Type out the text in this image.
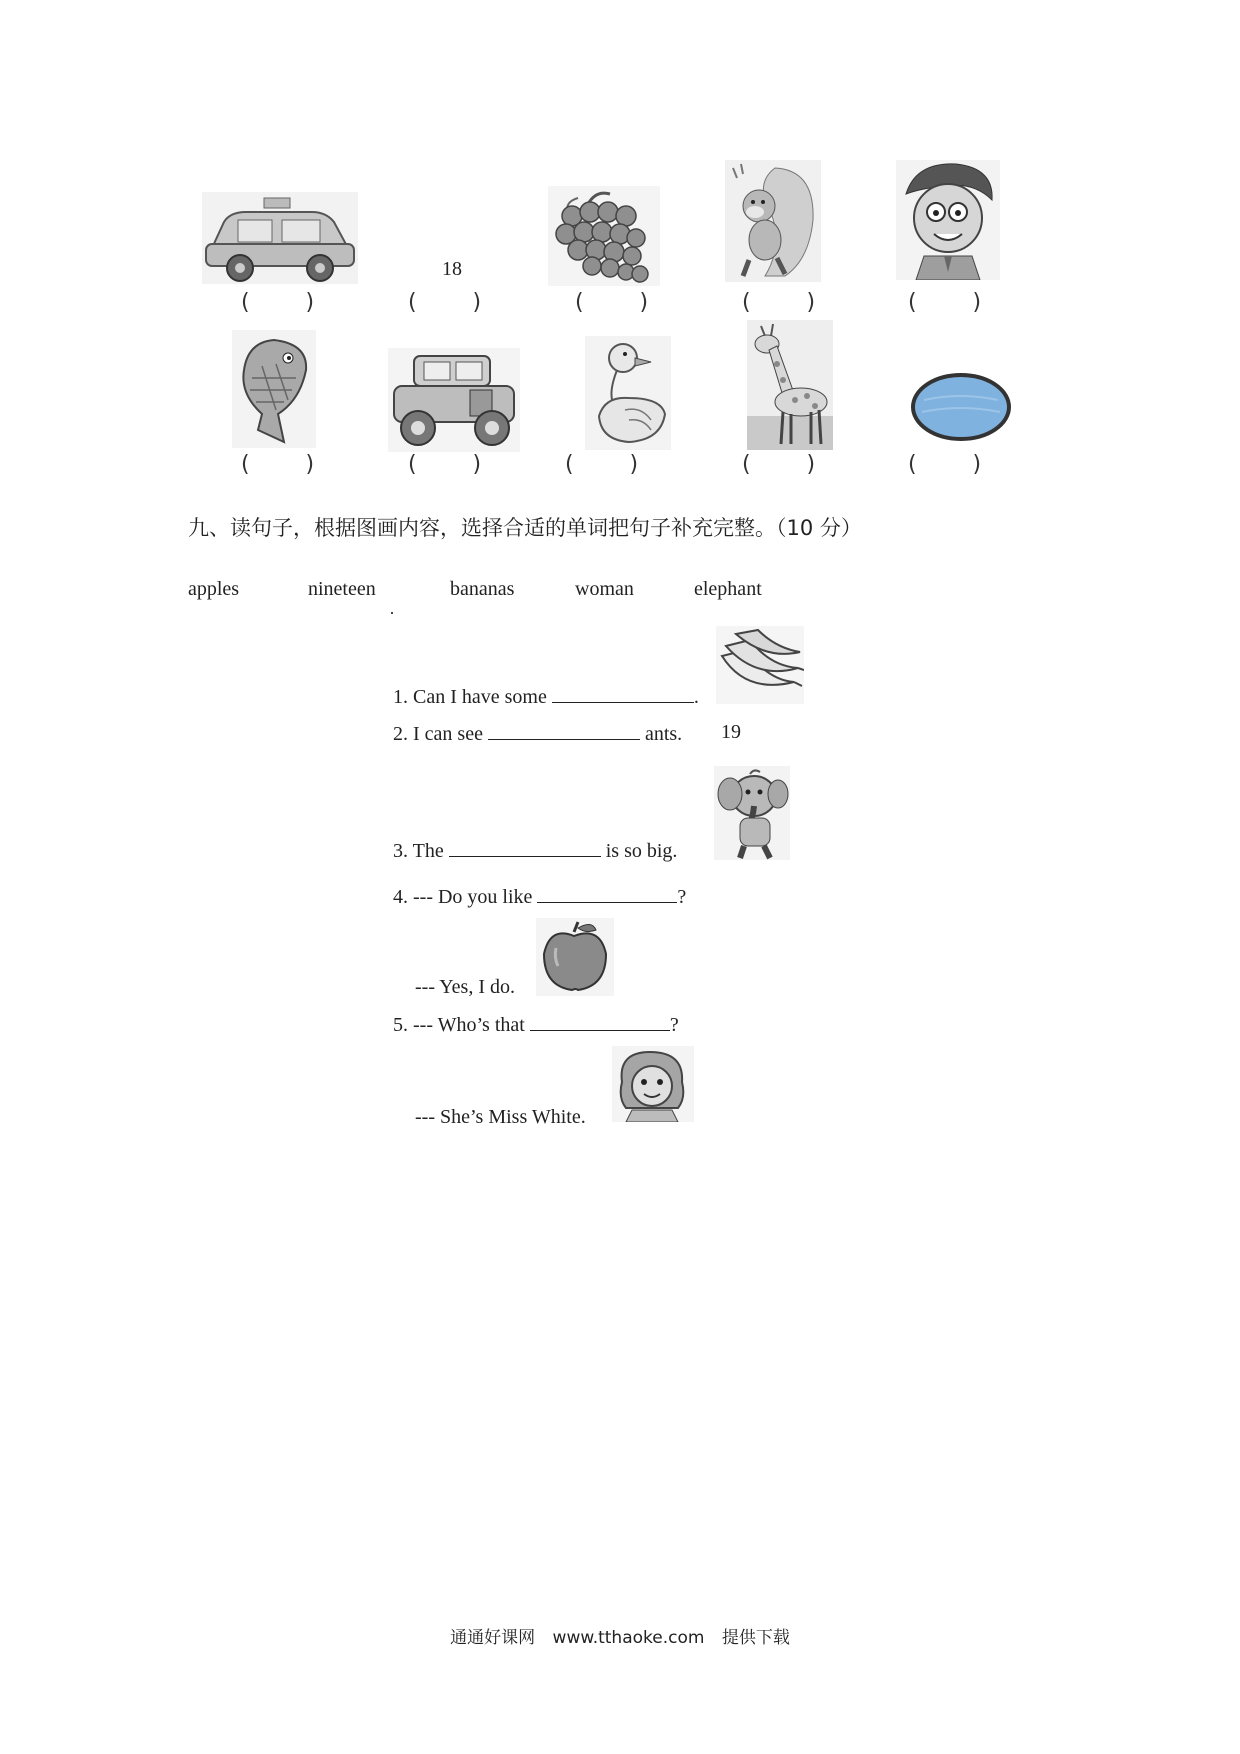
18
(        )	(        )	(        )	(        )	(        )
(        )	(        )	(        )	(        )	(        )
九、读句子，根据图画内容，选择合适的单词把句子补充完整。（10 分）
apples	nineteen	bananas	woman	elephant
1. Can I have some	.
2. I can see	ants. 19
3. The	is so big.
4. --- Do you like	?
--- Yes, I do.
5. --- Who’s that	?
--- She’s Miss White.
通通好课网 www.tthaoke.com 提供下载
